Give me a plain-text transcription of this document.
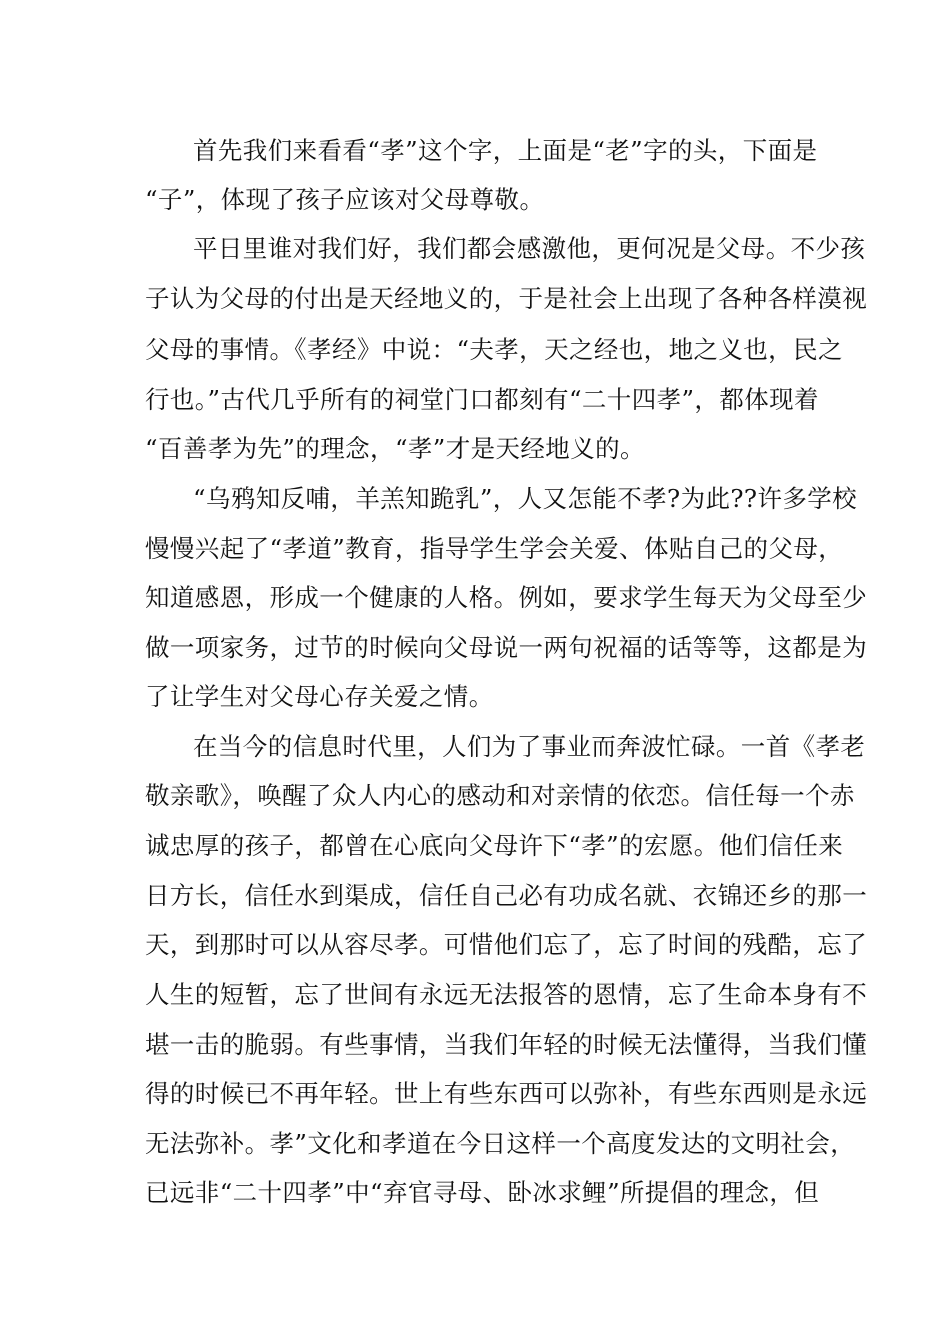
首先我们来看看“孝”这个字，上面是“老”字的头，下面是
“子”，体现了孩子应该对父母尊敬。
平日里谁对我们好，我们都会感激他，更何况是父母。不少孩
子认为父母的付出是天经地义的，于是社会上出现了各种各样漠视
父母的事情。《孝经》中说：“夫孝，天之经也，地之义也，民之
行也。”古代几乎所有的祠堂门口都刻有“二十四孝”，都体现着
“百善孝为先”的理念，“孝”才是天经地义的。
“乌鸦知反哺，羊羔知跪乳”，人又怎能不孝?为此??许多学校
慢慢兴起了“孝道”教育，指导学生学会关爱、体贴自己的父母，
知道感恩，形成一个健康的人格。例如，要求学生每天为父母至少
做一项家务，过节的时候向父母说一两句祝福的话等等，这都是为
了让学生对父母心存关爱之情。
在当今的信息时代里，人们为了事业而奔波忙碌。一首《孝老
敬亲歌》，唤醒了众人内心的感动和对亲情的依恋。信任每一个赤
诚忠厚的孩子，都曾在心底向父母许下“孝”的宏愿。他们信任来
日方长，信任水到渠成，信任自己必有功成名就、衣锦还乡的那一
天，到那时可以从容尽孝。可惜他们忘了，忘了时间的残酷，忘了
人生的短暂，忘了世间有永远无法报答的恩情，忘了生命本身有不
堪一击的脆弱。有些事情，当我们年轻的时候无法懂得，当我们懂
得的时候已不再年轻。世上有些东西可以弥补，有些东西则是永远
无法弥补。孝”文化和孝道在今日这样一个高度发达的文明社会，
已远非“二十四孝”中“弃官寻母、卧冰求鲤”所提倡的理念，但
